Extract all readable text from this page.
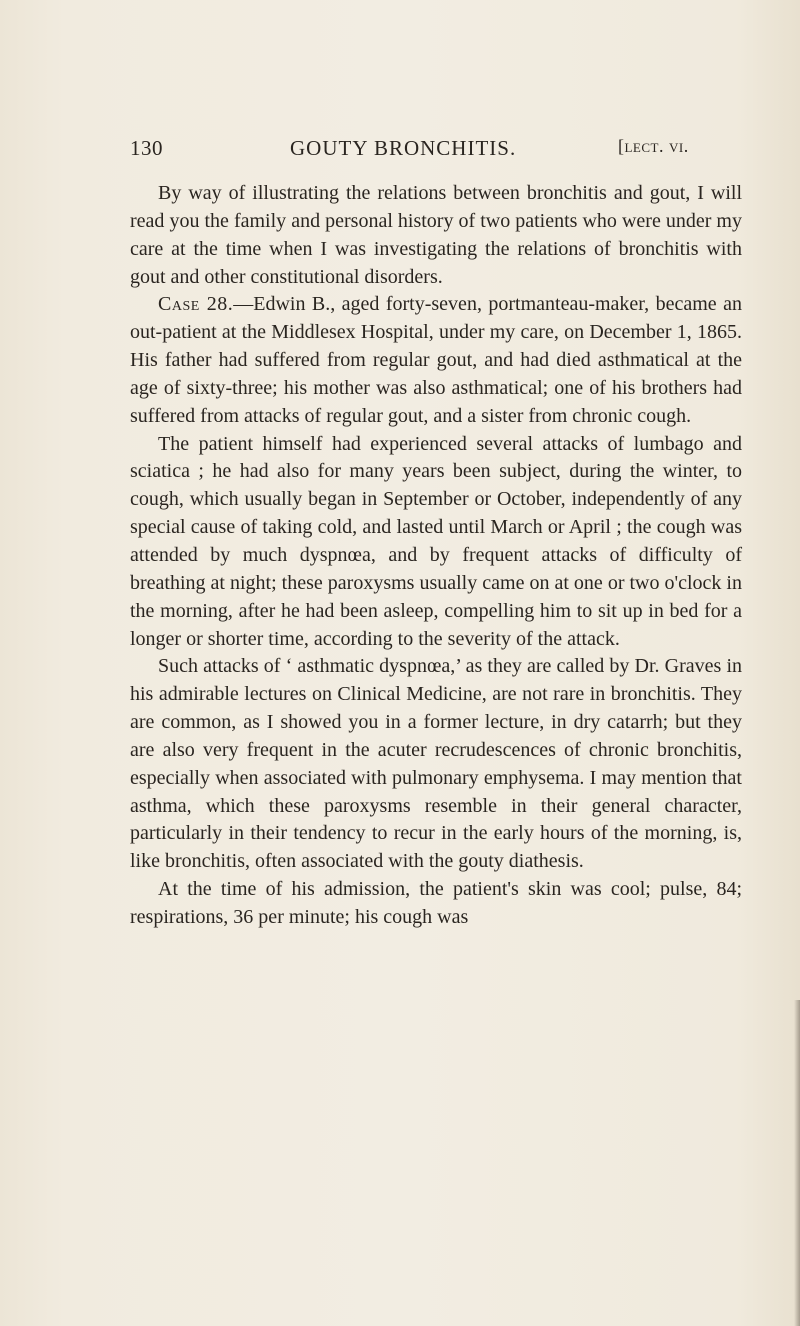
130	GOUTY BRONCHITIS.	[lect. vi.

By way of illustrating the relations between bronchitis and gout, I will read you the family and personal history of two patients who were under my care at the time when I was investigating the relations of bronchitis with gout and other constitutional disorders.

Case 28.—Edwin B., aged forty-seven, portmanteau-maker, became an out-patient at the Middlesex Hospital, under my care, on December 1, 1865. His father had suffered from regular gout, and had died asthmatical at the age of sixty-three; his mother was also asthmatical; one of his brothers had suffered from attacks of regular gout, and a sister from chronic cough.

The patient himself had experienced several attacks of lumbago and sciatica ; he had also for many years been subject, during the winter, to cough, which usually began in September or October, independently of any special cause of taking cold, and lasted until March or April ; the cough was attended by much dyspnœa, and by frequent attacks of difficulty of breathing at night; these paroxysms usually came on at one or two o'clock in the morning, after he had been asleep, compelling him to sit up in bed for a longer or shorter time, according to the severity of the attack.

Such attacks of ‘ asthmatic dyspnœa,’ as they are called by Dr. Graves in his admirable lectures on Clinical Medicine, are not rare in bronchitis. They are common, as I showed you in a former lecture, in dry catarrh; but they are also very frequent in the acuter recrudescences of chronic bronchitis, especially when associated with pulmonary emphysema. I may mention that asthma, which these paroxysms resemble in their general character, particularly in their tendency to recur in the early hours of the morning, is, like bronchitis, often associated with the gouty diathesis.

At the time of his admission, the patient's skin was cool; pulse, 84; respirations, 36 per minute; his cough was
